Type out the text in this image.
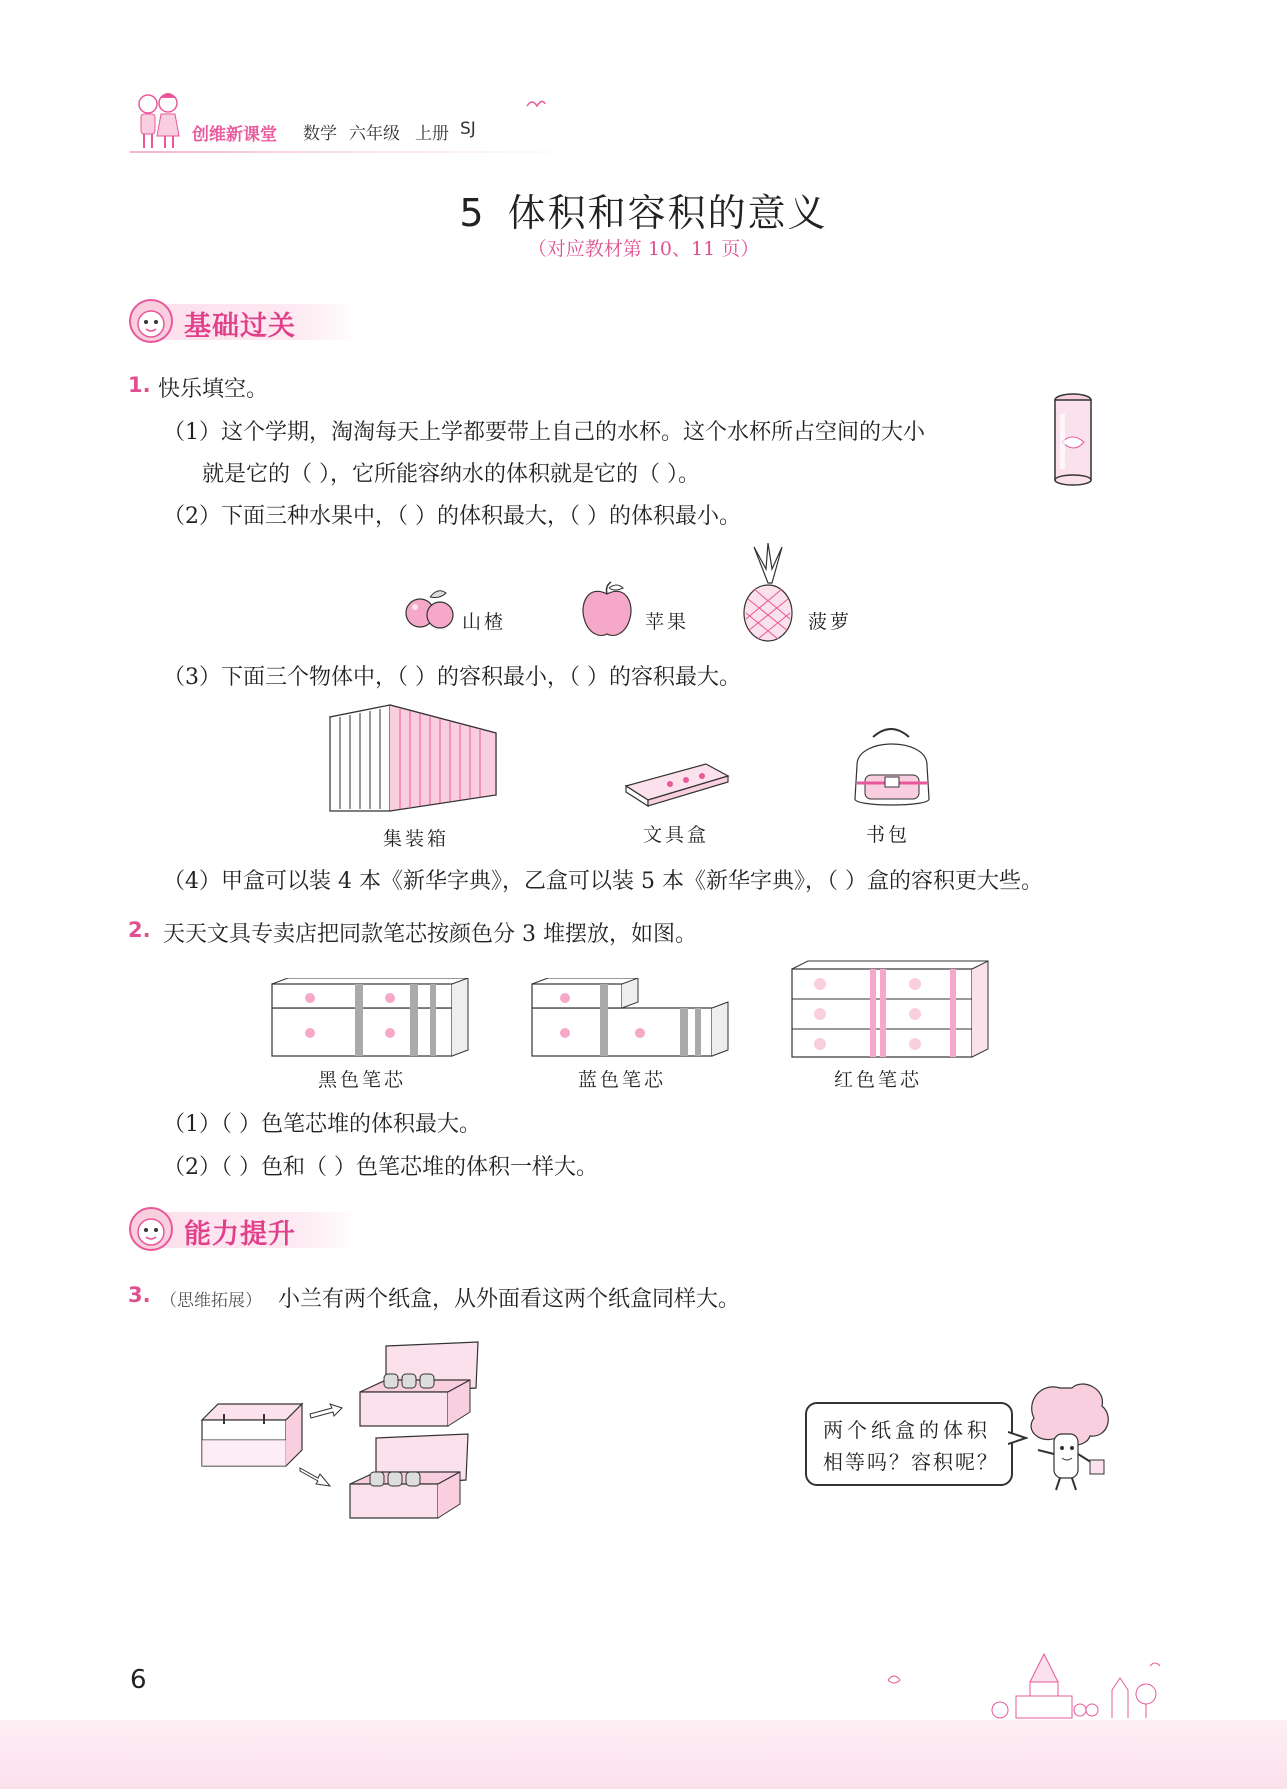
创维新课堂 数学 六年级 上册 SJ
5 体积和容积的意义
（对应教材第 10、11 页）
基础过关
1. 快乐填空。
（1）这个学期，淘淘每天上学都要带上自己的水杯。这个水杯所占空间的大小
就是它的（ ），它所能容纳水的体积就是它的（ ）。
（2）下面三种水果中，（ ）的体积最大，（ ）的体积最小。
山楂	苹果	菠萝
（3）下面三个物体中，（ ）的容积最小，（ ）的容积最大。
集装箱	文具盒	书包
（4）甲盒可以装 4 本《新华字典》，乙盒可以装 5 本《新华字典》，（ ）盒的容积更大些。
2. 天天文具专卖店把同款笔芯按颜色分 3 堆摆放，如图。
黑色笔芯	蓝色笔芯	红色笔芯
（1）（ ）色笔芯堆的体积最大。
（2）（ ）色和（ ）色笔芯堆的体积一样大。
能力提升
3. （思维拓展） 小兰有两个纸盒，从外面看这两个纸盒同样大。
两个纸盒的体积
相等吗？容积呢？
6
